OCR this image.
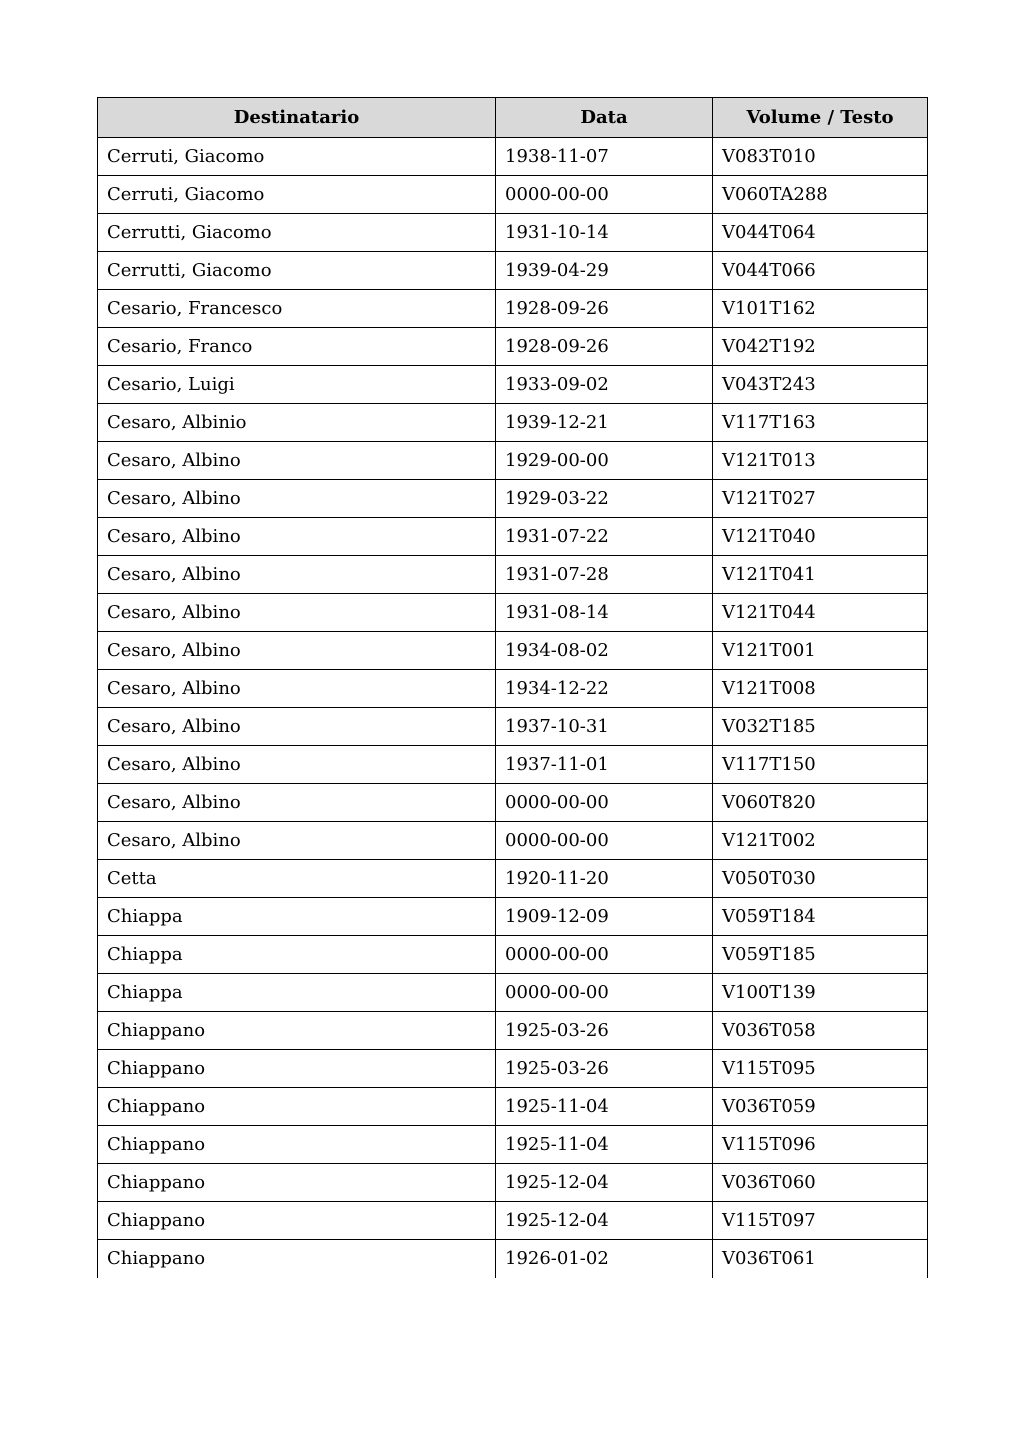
Destinatario	Data	Volume / Testo
Cerruti, Giacomo	1938-11-07	V083T010
Cerruti, Giacomo	0000-00-00	V060TA288
Cerrutti, Giacomo	1931-10-14	V044T064
Cerrutti, Giacomo	1939-04-29	V044T066
Cesario, Francesco	1928-09-26	V101T162
Cesario, Franco	1928-09-26	V042T192
Cesario, Luigi	1933-09-02	V043T243
Cesaro, Albinio	1939-12-21	V117T163
Cesaro, Albino	1929-00-00	V121T013
Cesaro, Albino	1929-03-22	V121T027
Cesaro, Albino	1931-07-22	V121T040
Cesaro, Albino	1931-07-28	V121T041
Cesaro, Albino	1931-08-14	V121T044
Cesaro, Albino	1934-08-02	V121T001
Cesaro, Albino	1934-12-22	V121T008
Cesaro, Albino	1937-10-31	V032T185
Cesaro, Albino	1937-11-01	V117T150
Cesaro, Albino	0000-00-00	V060T820
Cesaro, Albino	0000-00-00	V121T002
Cetta	1920-11-20	V050T030
Chiappa	1909-12-09	V059T184
Chiappa	0000-00-00	V059T185
Chiappa	0000-00-00	V100T139
Chiappano	1925-03-26	V036T058
Chiappano	1925-03-26	V115T095
Chiappano	1925-11-04	V036T059
Chiappano	1925-11-04	V115T096
Chiappano	1925-12-04	V036T060
Chiappano	1925-12-04	V115T097
Chiappano	1926-01-02	V036T061
